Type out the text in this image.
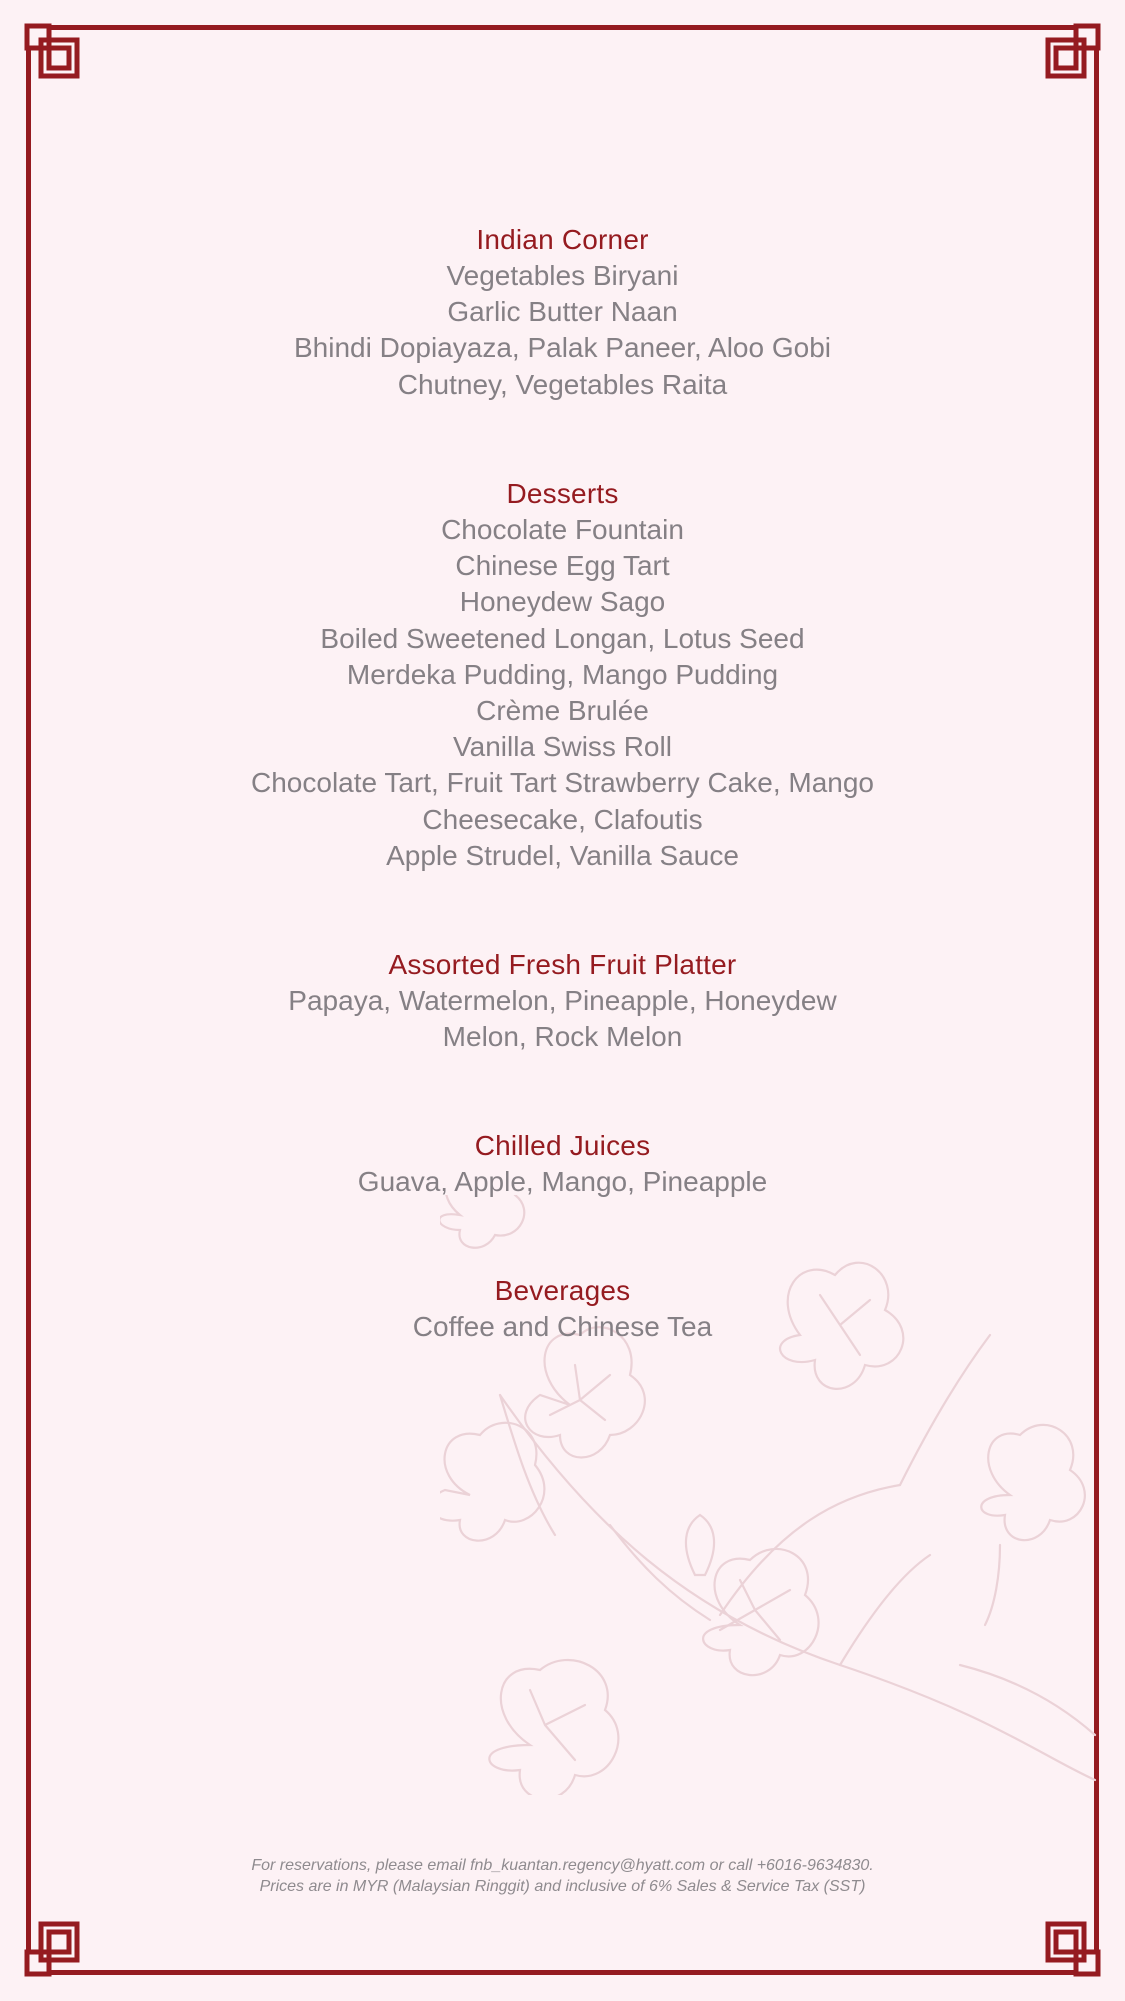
Indian Corner
Vegetables Biryani
Garlic Butter Naan
Bhindi Dopiayaza, Palak Paneer, Aloo Gobi
Chutney, Vegetables Raita
Desserts
Chocolate Fountain
Chinese Egg Tart
Honeydew Sago
Boiled Sweetened Longan, Lotus Seed
Merdeka Pudding, Mango Pudding
Crème Brulée
Vanilla Swiss Roll
Chocolate Tart, Fruit Tart Strawberry Cake, Mango
Cheesecake, Clafoutis
Apple Strudel, Vanilla Sauce
Assorted Fresh Fruit Platter
Papaya, Watermelon, Pineapple, Honeydew
Melon, Rock Melon
Chilled Juices
Guava, Apple, Mango, Pineapple
Beverages
Coffee and Chinese Tea
For reservations, please email fnb_kuantan.regency@hyatt.com or call +6016-9634830.
Prices are in MYR (Malaysian Ringgit) and inclusive of 6% Sales & Service Tax (SST)
